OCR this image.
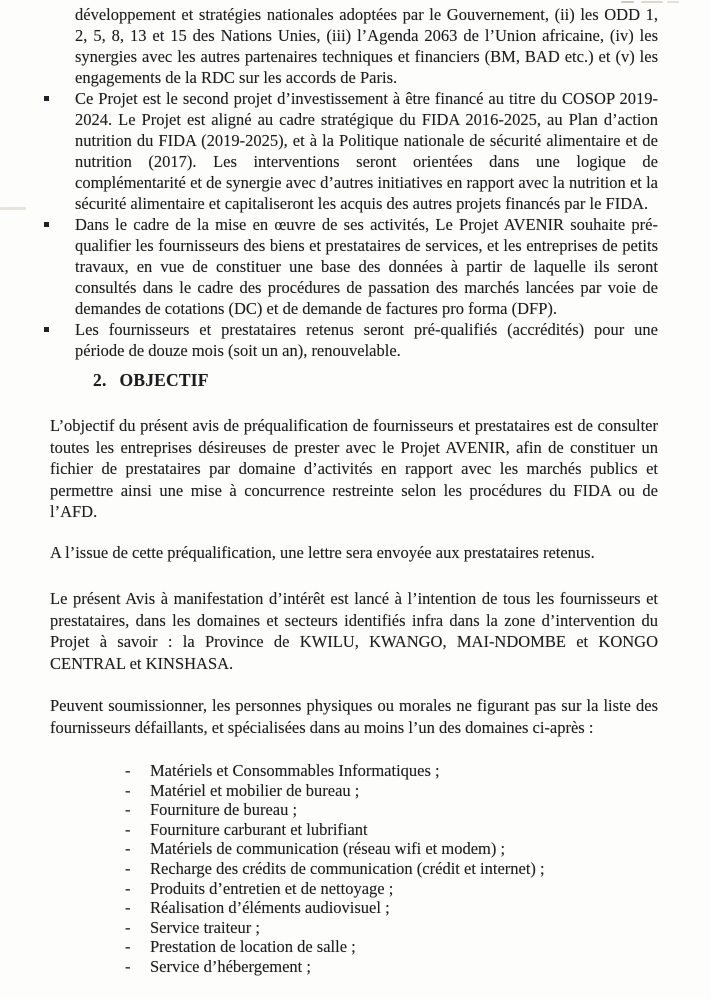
développement et stratégies nationales adoptées par le Gouvernement, (ii) les ODD 1, 2, 5, 8, 13 et 15 des Nations Unies, (iii) l’Agenda 2063 de l’Union africaine, (iv) les synergies avec les autres partenaires techniques et financiers (BM, BAD etc.) et (v) les engagements de la RDC sur les accords de Paris.
Ce Projet est le second projet d’investissement à être financé au titre du COSOP 2019-2024. Le Projet est aligné au cadre stratégique du FIDA 2016-2025, au Plan d’action nutrition du FIDA (2019-2025), et à la Politique nationale de sécurité alimentaire et de nutrition (2017). Les interventions seront orientées dans une logique de complémentarité et de synergie avec d’autres initiatives en rapport avec la nutrition et la sécurité alimentaire et capitaliseront les acquis des autres projets financés par le FIDA.
Dans le cadre de la mise en œuvre de ses activités, Le Projet AVENIR souhaite pré-qualifier les fournisseurs des biens et prestataires de services, et les entreprises de petits travaux, en vue de constituer une base des données à partir de laquelle ils seront consultés dans le cadre des procédures de passation des marchés lancées par voie de demandes de cotations (DC) et de demande de factures pro forma (DFP).
Les fournisseurs et prestataires retenus seront pré-qualifiés (accrédités) pour une période de douze mois (soit un an), renouvelable.
2. OBJECTIF

L’objectif du présent avis de préqualification de fournisseurs et prestataires est de consulter toutes les entreprises désireuses de prester avec le Projet AVENIR, afin de constituer un fichier de prestataires par domaine d’activités en rapport avec les marchés publics et permettre ainsi une mise à concurrence restreinte selon les procédures du FIDA ou de l’AFD.

A l’issue de cette préqualification, une lettre sera envoyée aux prestataires retenus.

Le présent Avis à manifestation d’intérêt est lancé à l’intention de tous les fournisseurs et prestataires, dans les domaines et secteurs identifiés infra dans la zone d’intervention du Projet à savoir : la Province de KWILU, KWANGO, MAI-NDOMBE et KONGO CENTRAL et KINSHASA.

Peuvent soumissionner, les personnes physiques ou morales ne figurant pas sur la liste des fournisseurs défaillants, et spécialisées dans au moins l’un des domaines ci-après :

- Matériels et Consommables Informatiques ;
- Matériel et mobilier de bureau ;
- Fourniture de bureau ;
- Fourniture carburant et lubrifiant
- Matériels de communication (réseau wifi et modem) ;
- Recharge des crédits de communication (crédit et internet) ;
- Produits d’entretien et de nettoyage ;
- Réalisation d’éléments audiovisuel ;
- Service traiteur ;
- Prestation de location de salle ;
- Service d’hébergement ;
